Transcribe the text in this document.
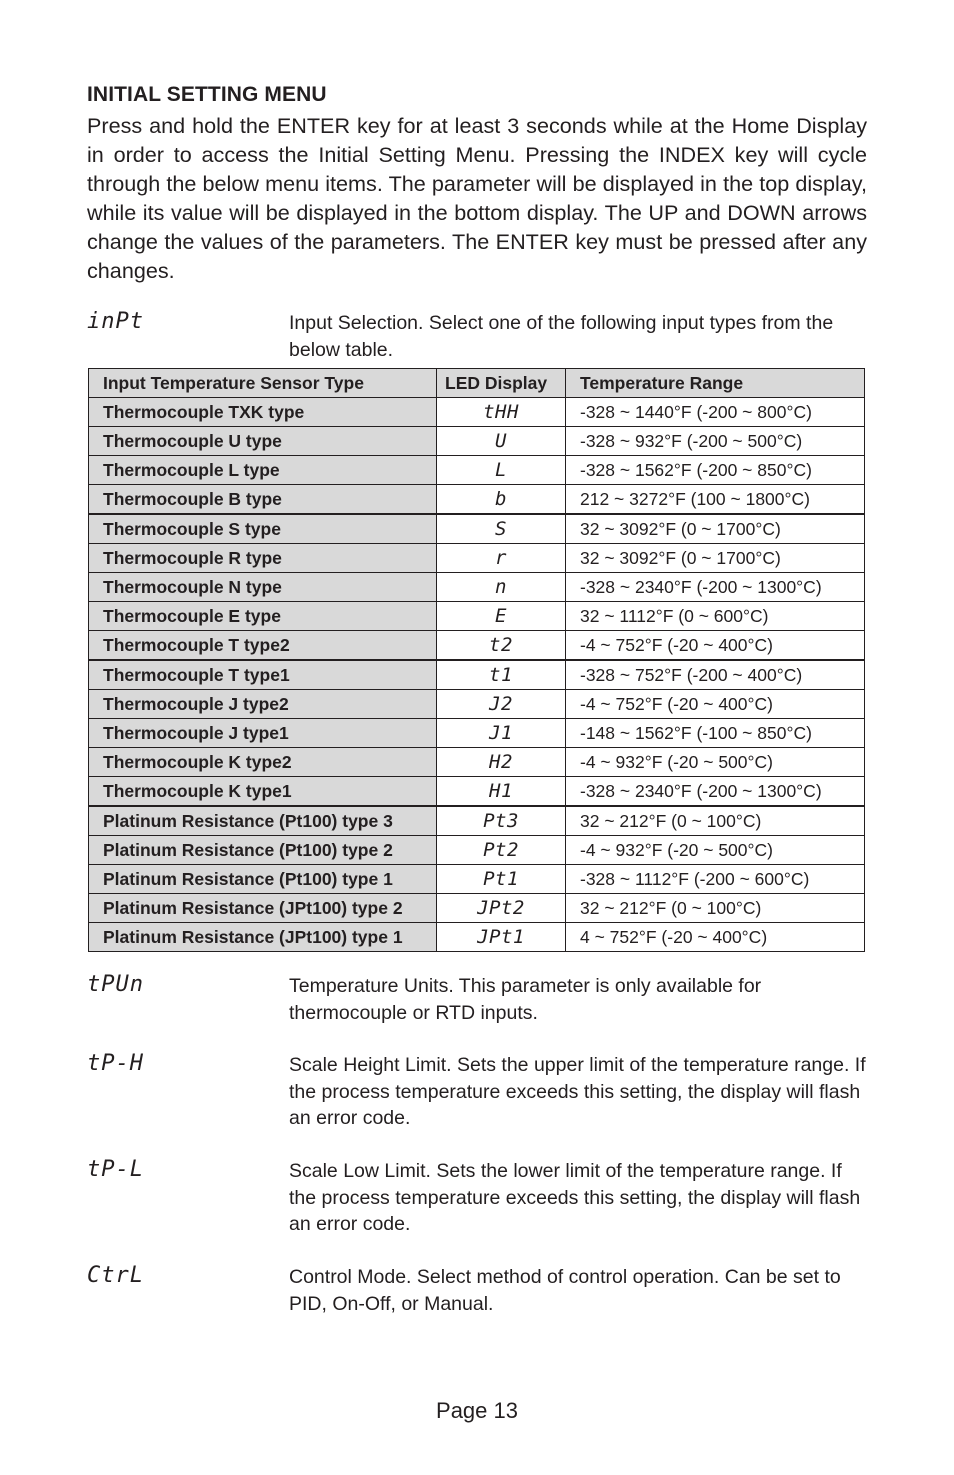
INITIAL SETTING MENU
Press and hold the ENTER key for at least 3 seconds while at the Home Display in order to access the Initial Setting Menu. Pressing the INDEX key will cycle through the below menu items. The parameter will be displayed in the top display, while its value will be displayed in the bottom display. The UP and DOWN arrows change the values of the parameters. The ENTER key must be pressed after any changes.
inPt	Input Selection. Select one of the following input types from the below table.
Input Temperature Sensor Type	LED Display	Temperature Range
Thermocouple TXK type	tHH	-328 ~ 1440°F (-200 ~ 800°C)
Thermocouple U type	U	-328 ~ 932°F (-200 ~ 500°C)
Thermocouple L type	L	-328 ~ 1562°F (-200 ~ 850°C)
Thermocouple B type	b	212 ~ 3272°F (100 ~ 1800°C)
Thermocouple S type	S	32 ~ 3092°F (0 ~ 1700°C)
Thermocouple R type	r	32 ~ 3092°F (0 ~ 1700°C)
Thermocouple N type	n	-328 ~ 2340°F (-200 ~ 1300°C)
Thermocouple E type	E	32 ~ 1112°F (0 ~ 600°C)
Thermocouple T type2	t2	-4 ~ 752°F (-20 ~ 400°C)
Thermocouple T type1	t1	-328 ~ 752°F (-200 ~ 400°C)
Thermocouple J type2	J2	-4 ~ 752°F (-20 ~ 400°C)
Thermocouple J type1	J1	-148 ~ 1562°F (-100 ~ 850°C)
Thermocouple K type2	H2	-4 ~ 932°F (-20 ~ 500°C)
Thermocouple K type1	H1	-328 ~ 2340°F (-200 ~ 1300°C)
Platinum Resistance (Pt100) type 3	Pt3	32 ~ 212°F (0 ~ 100°C)
Platinum Resistance (Pt100) type 2	Pt2	-4 ~ 932°F (-20 ~ 500°C)
Platinum Resistance (Pt100) type 1	Pt1	-328 ~ 1112°F (-200 ~ 600°C)
Platinum Resistance (JPt100) type 2	JPt2	32 ~ 212°F (0 ~ 100°C)
Platinum Resistance (JPt100) type 1	JPt1	4 ~ 752°F (-20 ~ 400°C)
tPUn	Temperature Units. This parameter is only available for thermocouple or RTD inputs.
tP-H	Scale Height Limit. Sets the upper limit of the temperature range. If the process temperature exceeds this setting, the display will flash an error code.
tP-L	Scale Low Limit. Sets the lower limit of the temperature range. If the process temperature exceeds this setting, the display will flash an error code.
CtrL	Control Mode. Select method of control operation. Can be set to PID, On-Off, or Manual.
Page 13
